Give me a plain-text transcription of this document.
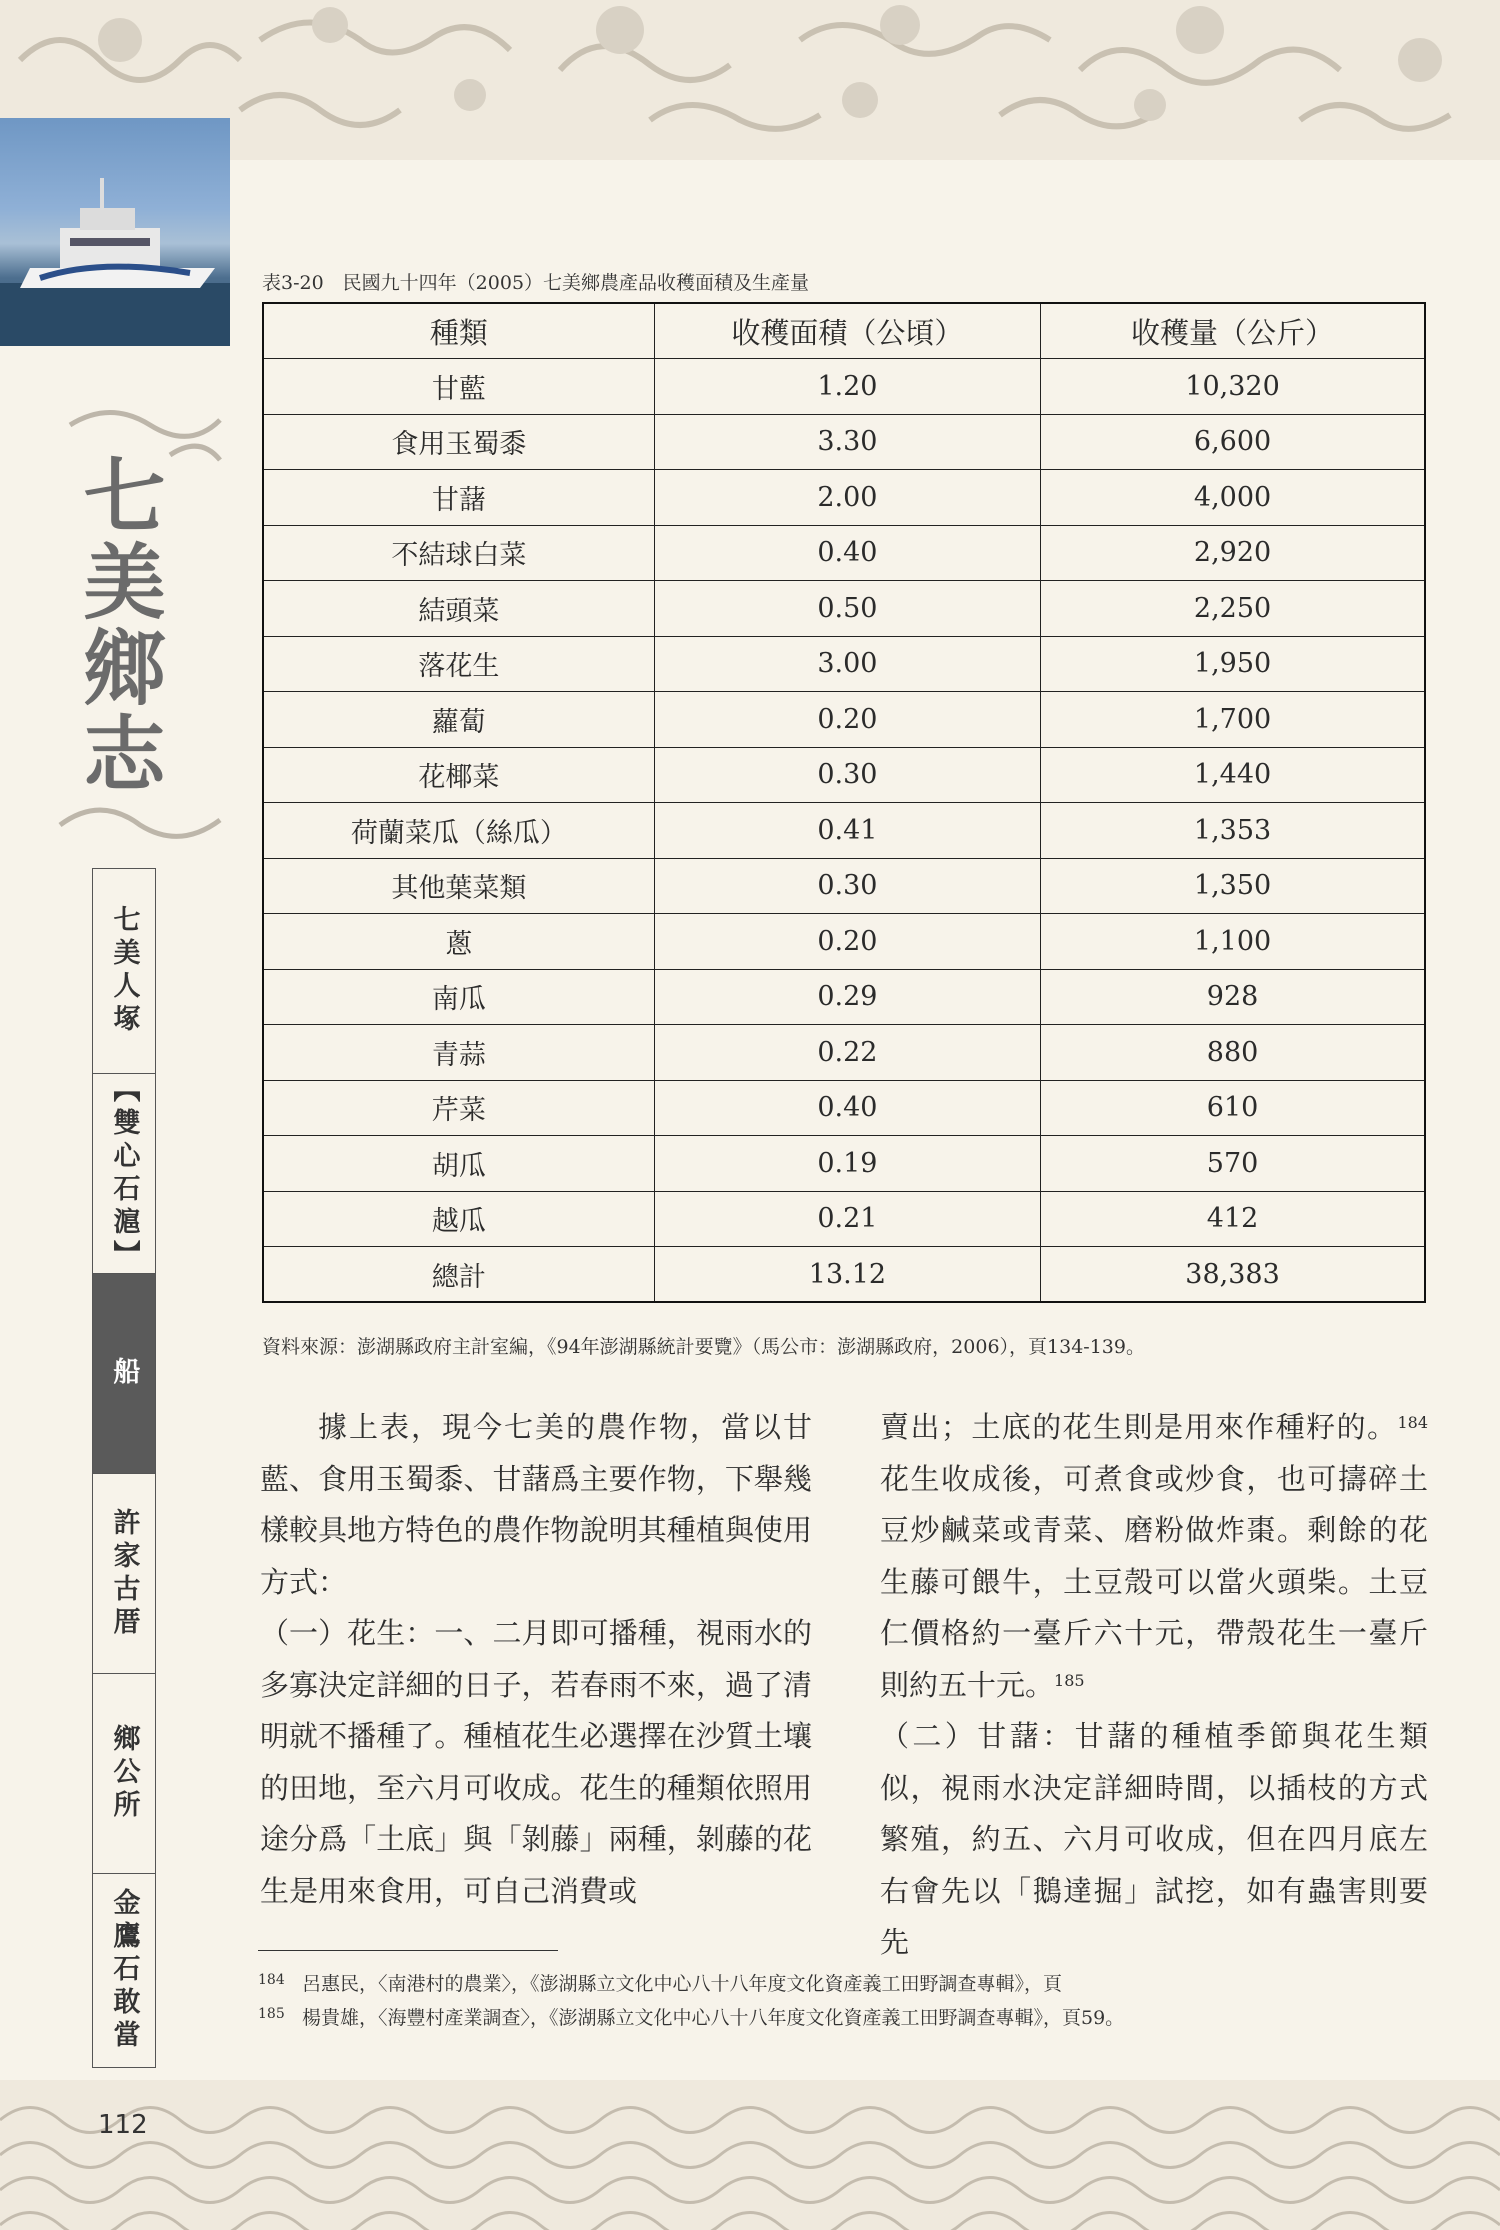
七美鄉志
七美人塚
【雙心石滬】
船
許家古厝
鄉公所
金鷹石敢當
表3-20　民國九十四年（2005）七美鄉農產品收穫面積及生產量
種類	收穫面積（公頃）	收穫量（公斤）
甘藍	1.20	10,320
食用玉蜀黍	3.30	6,600
甘藷	2.00	4,000
不結球白菜	0.40	2,920
結頭菜	0.50	2,250
落花生	3.00	1,950
蘿蔔	0.20	1,700
花椰菜	0.30	1,440
荷蘭菜瓜（絲瓜）	0.41	1,353
其他葉菜類	0.30	1,350
蔥	0.20	1,100
南瓜	0.29	928
青蒜	0.22	880
芹菜	0.40	610
胡瓜	0.19	570
越瓜	0.21	412
總計	13.12	38,383
資料來源：澎湖縣政府主計室編，《94年澎湖縣統計要覽》（馬公市：澎湖縣政府，2006），頁134-139。

據上表，現今七美的農作物，當以甘藍、食用玉蜀黍、甘藷爲主要作物，下舉幾樣較具地方特色的農作物說明其種植與使用方式：

（一）花生：一、二月即可播種，視雨水的多寡決定詳細的日子，若春雨不來，過了清明就不播種了。種植花生必選擇在沙質土壤的田地，至六月可收成。花生的種類依照用途分爲「土底」與「剝藤」兩種，剝藤的花生是用來食用，可自己消費或

賣出；土底的花生則是用來作種籽的。$^{184}$花生收成後，可煮食或炒食，也可擣碎土豆炒鹹菜或青菜、磨粉做炸棗。剩餘的花生藤可餵牛，土豆殼可以當火頭柴。土豆仁價格約一臺斤六十元，帶殼花生一臺斤則約五十元。$^{185}$

（二）甘藷：甘藷的種植季節與花生類似，視雨水決定詳細時間，以插枝的方式繁殖，約五、六月可收成，但在四月底左右會先以「鵝達掘」試挖，如有蟲害則要先

184 呂惠民，〈南港村的農業〉，《澎湖縣立文化中心八十八年度文化資產義工田野調查專輯》，頁
185 楊貴雄，〈海豐村產業調查〉，《澎湖縣立文化中心八十八年度文化資產義工田野調查專輯》，頁59。
112
